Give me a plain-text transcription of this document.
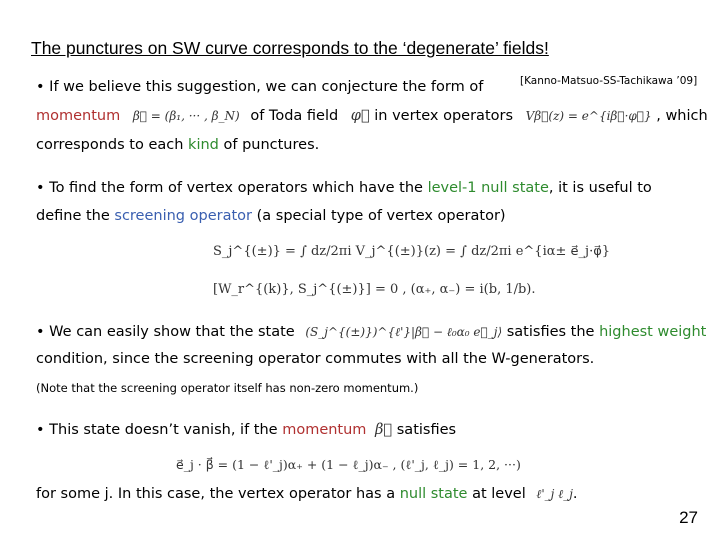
The punctures on SW curve corresponds to the ‘degenerate’ fields!
• If we believe this suggestion, we can conjecture the form of	[Kanno-Matsuo-SS-Tachikawa ’09]
momentum β⃗ = (β₁, ··· , β_N) of Toda field φ⃗ in vertex operators Vβ⃗(z) = e^{iβ⃗·φ⃗} , which
corresponds to each kind of punctures.
• To find the form of vertex operators which have the level-1 null state, it is useful to
define the screening operator (a special type of vertex operator)
S_j^{(±)} = ∫ dz/2πi V_j^{(±)}(z) = ∫ dz/2πi e^{iα± e⃗_j·φ⃗}
[W_r^{(k)}, S_j^{(±)}] = 0 , (α₊, α₋) = i(b, 1/b).
• We can easily show that the state (S_j^{(±)})^{ℓ'}|β⃗ − ℓ₀α₀ e⃗_j⟩ satisfies the highest weight
condition, since the screening operator commutes with all the W-generators.
(Note that the screening operator itself has non-zero momentum.)
• This state doesn’t vanish, if the momentum β⃗ satisfies
e⃗_j · β⃗ = (1 − ℓ'_j)α₊ + (1 − ℓ_j)α₋ , (ℓ'_j, ℓ_j) = 1, 2, ···)
for some j. In this case, the vertex operator has a null state at level ℓ'_j ℓ_j.
27
